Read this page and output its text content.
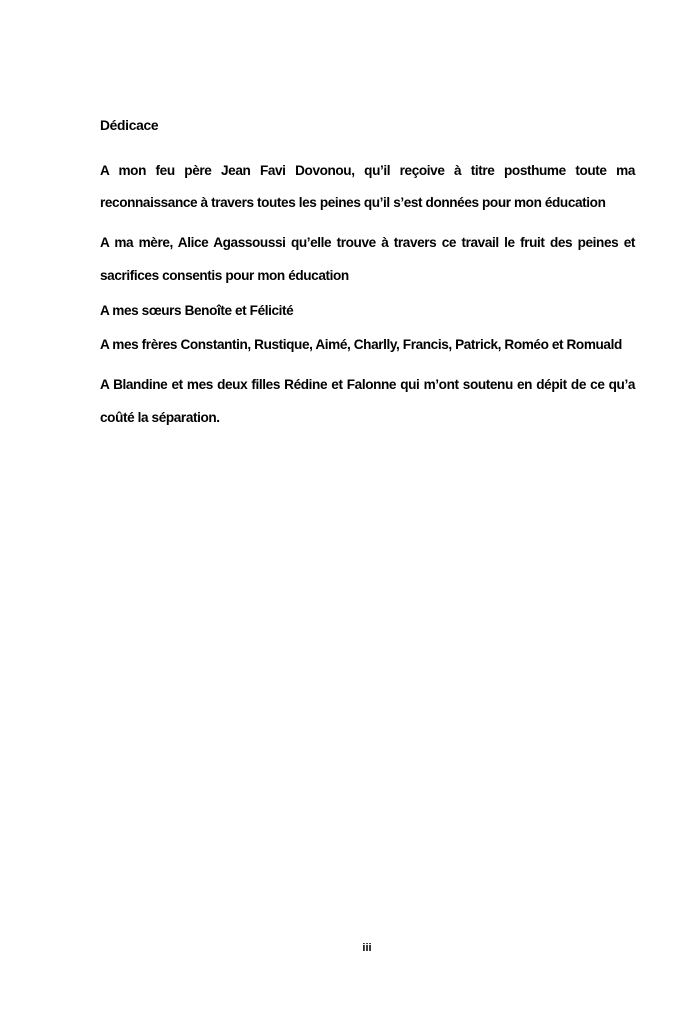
Dédicace
A mon feu père Jean Favi Dovonou, qu’il reçoive à titre posthume toute ma reconnaissance à travers toutes les peines qu’il s’est données pour mon éducation
A ma mère, Alice Agassoussi qu’elle trouve à travers ce travail le fruit des peines et sacrifices consentis pour mon éducation
A mes sœurs Benoîte et Félicité
A mes frères Constantin, Rustique, Aimé, Charlly, Francis, Patrick, Roméo et Romuald
A Blandine et mes deux filles Rédine et Falonne qui m’ont soutenu en dépit de ce qu’a coûté la séparation.
iii
